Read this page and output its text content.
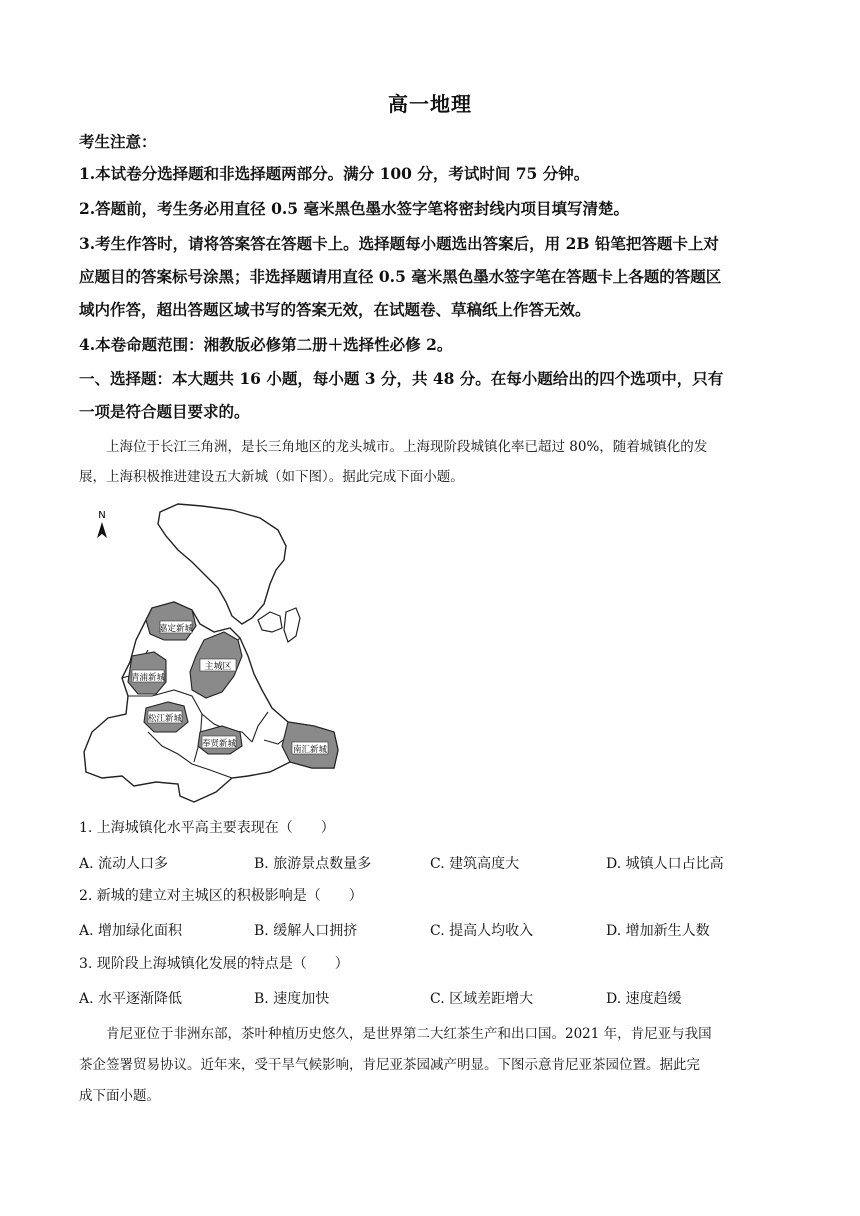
高一地理
考生注意：
1.本试卷分选择题和非选择题两部分。满分 100 分，考试时间 75 分钟。
2.答题前，考生务必用直径 0.5 毫米黑色墨水签字笔将密封线内项目填写清楚。
3.考生作答时，请将答案答在答题卡上。选择题每小题选出答案后，用 2B 铅笔把答题卡上对
应题目的答案标号涂黑；非选择题请用直径 0.5 毫米黑色墨水签字笔在答题卡上各题的答题区
域内作答，超出答题区域书写的答案无效，在试题卷、草稿纸上作答无效。
4.本卷命题范围：湘教版必修第二册＋选择性必修 2。
一、选择题：本大题共 16 小题，每小题 3 分，共 48 分。在每小题给出的四个选项中，只有
一项是符合题目要求的。
上海位于长江三角洲，是长三角地区的龙头城市。上海现阶段城镇化率已超过 80%，随着城镇化的发
展，上海积极推进建设五大新城（如下图）。据此完成下面小题。
N
嘉定新城
主城区
青浦新城
松江新城
奉贤新城
南汇新城
1. 上海城镇化水平高主要表现在（　　）
A. 流动人口多	B. 旅游景点数量多	C. 建筑高度大	D. 城镇人口占比高
2. 新城的建立对主城区的积极影响是（　　）
A. 增加绿化面积	B. 缓解人口拥挤	C. 提高人均收入	D. 增加新生人数
3. 现阶段上海城镇化发展的特点是（　　）
A. 水平逐渐降低	B. 速度加快	C. 区域差距增大	D. 速度趋缓
肯尼亚位于非洲东部，茶叶种植历史悠久，是世界第二大红茶生产和出口国。2021 年，肯尼亚与我国
茶企签署贸易协议。近年来，受干旱气候影响，肯尼亚茶园减产明显。下图示意肯尼亚茶园位置。据此完
成下面小题。
